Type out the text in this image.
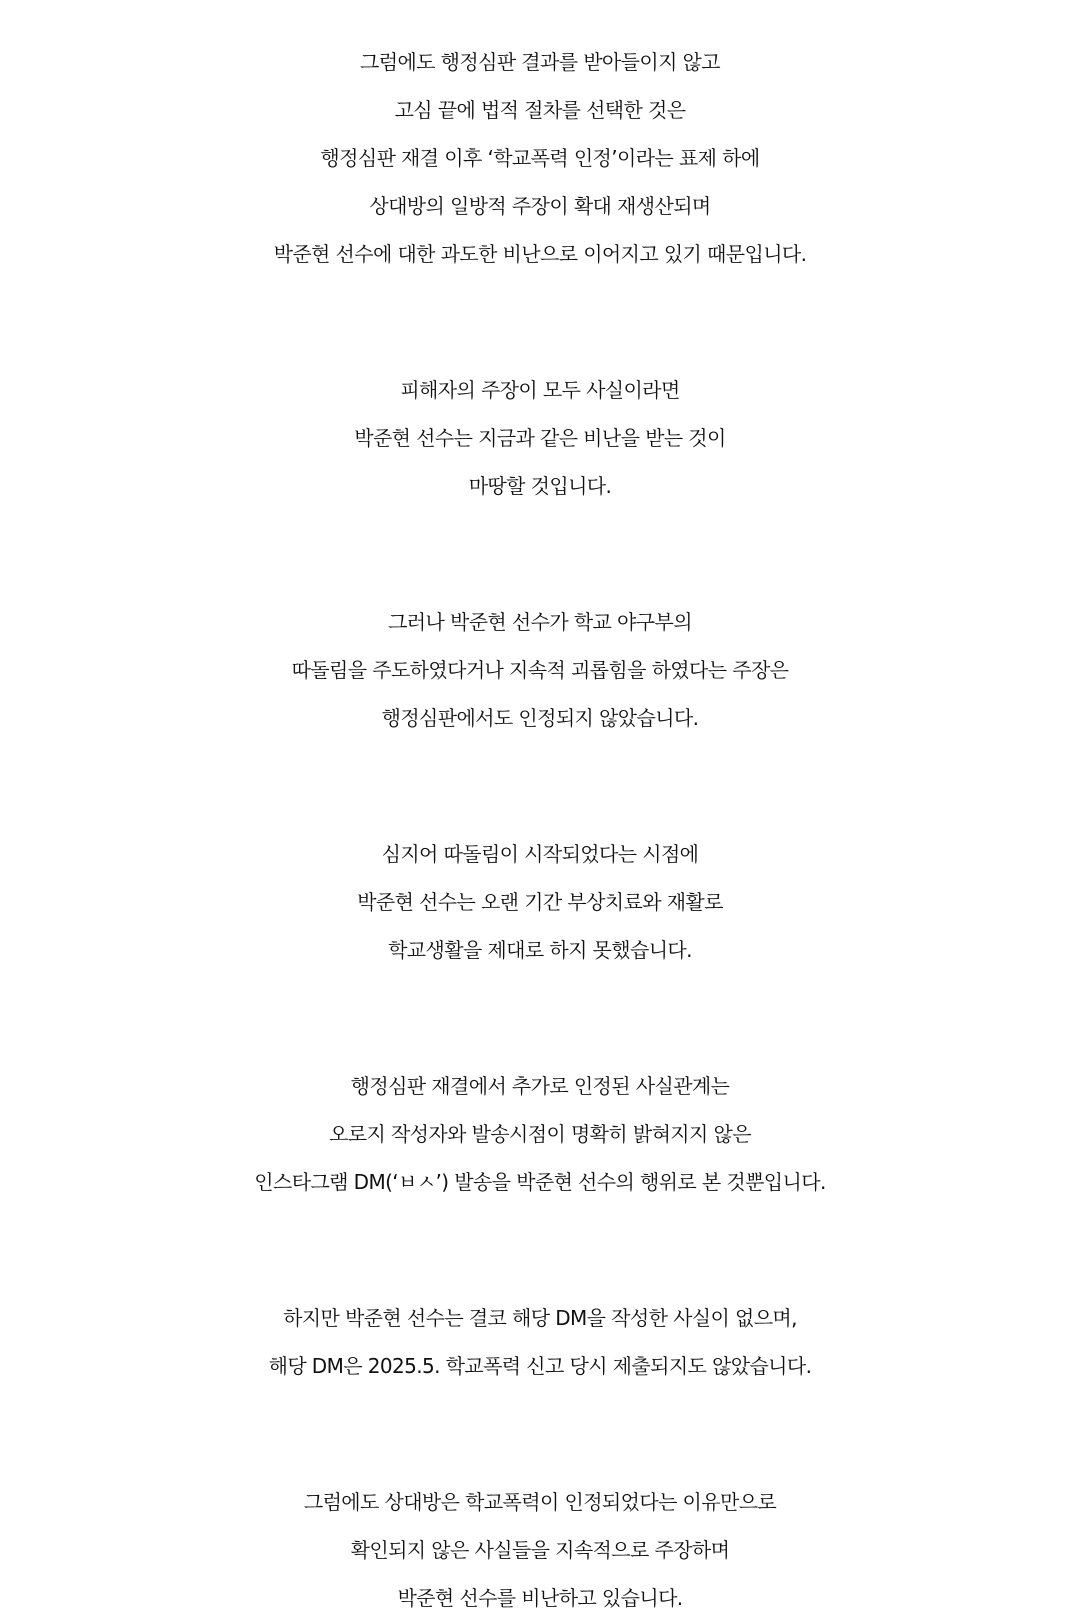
그럼에도 행정심판 결과를 받아들이지 않고
고심 끝에 법적 절차를 선택한 것은
행정심판 재결 이후 ‘학교폭력 인정’이라는 표제 하에
상대방의 일방적 주장이 확대 재생산되며
박준현 선수에 대한 과도한 비난으로 이어지고 있기 때문입니다.
피해자의 주장이 모두 사실이라면
박준현 선수는 지금과 같은 비난을 받는 것이
마땅할 것입니다.
그러나 박준현 선수가 학교 야구부의
따돌림을 주도하였다거나 지속적 괴롭힘을 하였다는 주장은
행정심판에서도 인정되지 않았습니다.
심지어 따돌림이 시작되었다는 시점에
박준현 선수는 오랜 기간 부상치료와 재활로
학교생활을 제대로 하지 못했습니다.
행정심판 재결에서 추가로 인정된 사실관계는
오로지 작성자와 발송시점이 명확히 밝혀지지 않은
인스타그램 DM(‘ㅂㅅ’) 발송을 박준현 선수의 행위로 본 것뿐입니다.
하지만 박준현 선수는 결코 해당 DM을 작성한 사실이 없으며,
해당 DM은 2025.5. 학교폭력 신고 당시 제출되지도 않았습니다.
그럼에도 상대방은 학교폭력이 인정되었다는 이유만으로
확인되지 않은 사실들을 지속적으로 주장하며
박준현 선수를 비난하고 있습니다.
